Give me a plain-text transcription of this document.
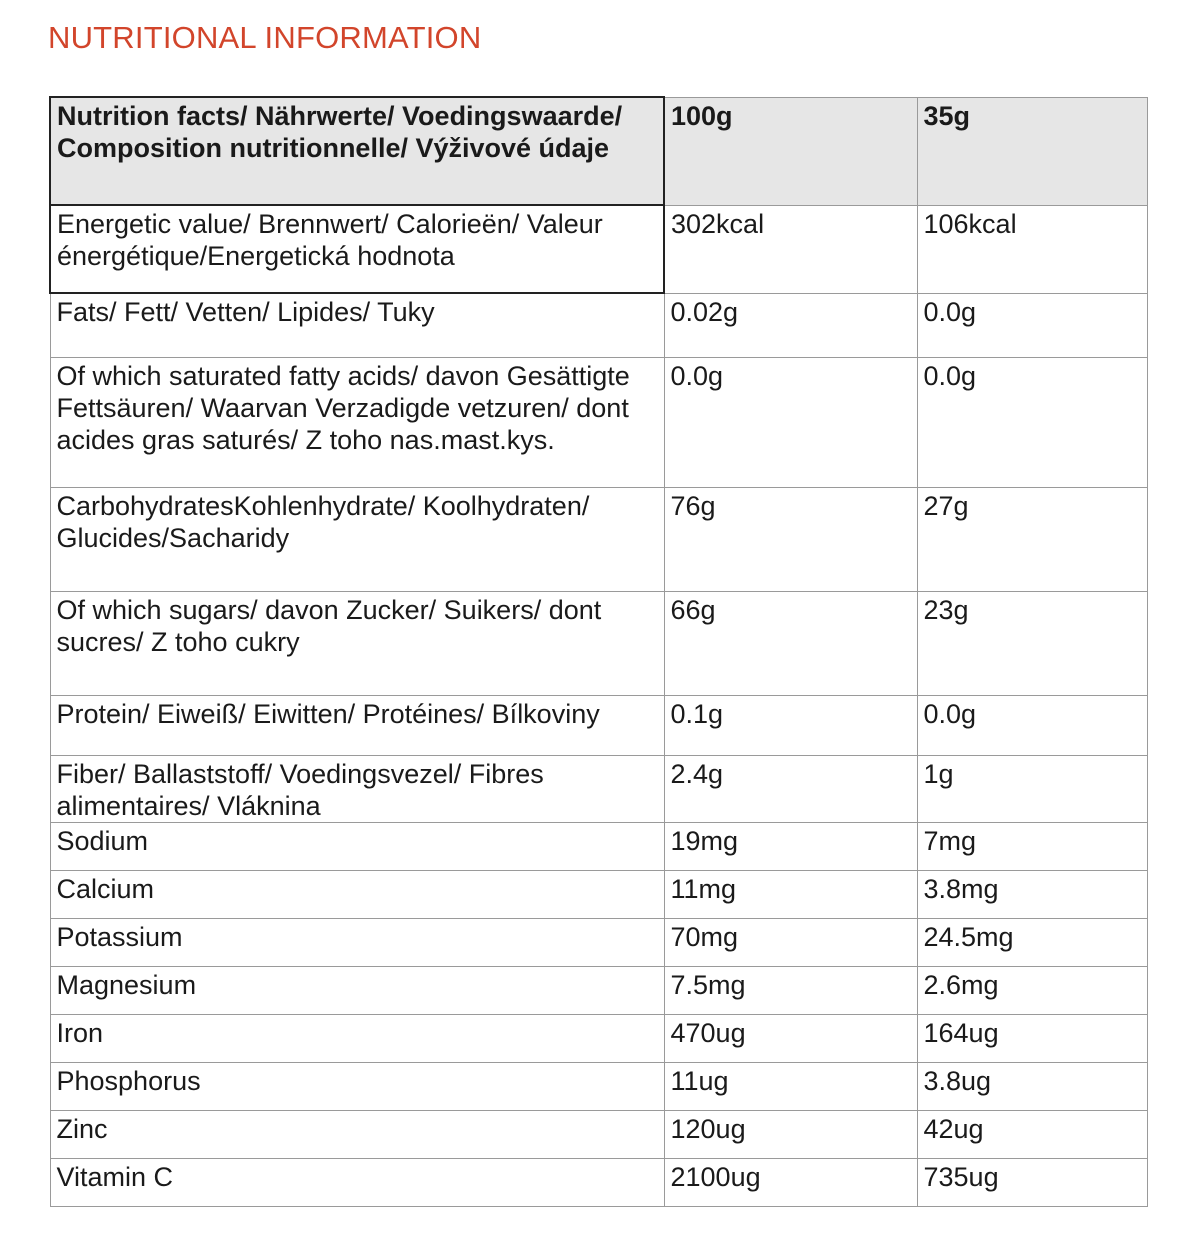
NUTRITIONAL INFORMATION
Nutrition facts/ Nährwerte/ Voedingswaarde/ Composition nutritionnelle/ Výživové údaje	100g	35g
Energetic value/ Brennwert/ Calorieën/ Valeur énergétique/Energetická hodnota	302kcal	106kcal
Fats/ Fett/ Vetten/ Lipides/ Tuky	0.02g	0.0g
Of which saturated fatty acids/ davon Gesättigte Fettsäuren/ Waarvan Verzadigde vetzuren/ dont acides gras saturés/ Z toho nas.mast.kys.	0.0g	0.0g
CarbohydratesKohlenhydrate/ Koolhydraten/ Glucides/Sacharidy	76g	27g
Of which sugars/ davon Zucker/ Suikers/ dont sucres/ Z toho cukry	66g	23g
Protein/ Eiweiß/ Eiwitten/ Protéines/ Bílkoviny	0.1g	0.0g
Fiber/ Ballaststoff/ Voedingsvezel/ Fibres alimentaires/ Vláknina	2.4g	1g
Sodium	19mg	7mg
Calcium	11mg	3.8mg
Potassium	70mg	24.5mg
Magnesium	7.5mg	2.6mg
Iron	470ug	164ug
Phosphorus	11ug	3.8ug
Zinc	120ug	42ug
Vitamin C	2100ug	735ug
